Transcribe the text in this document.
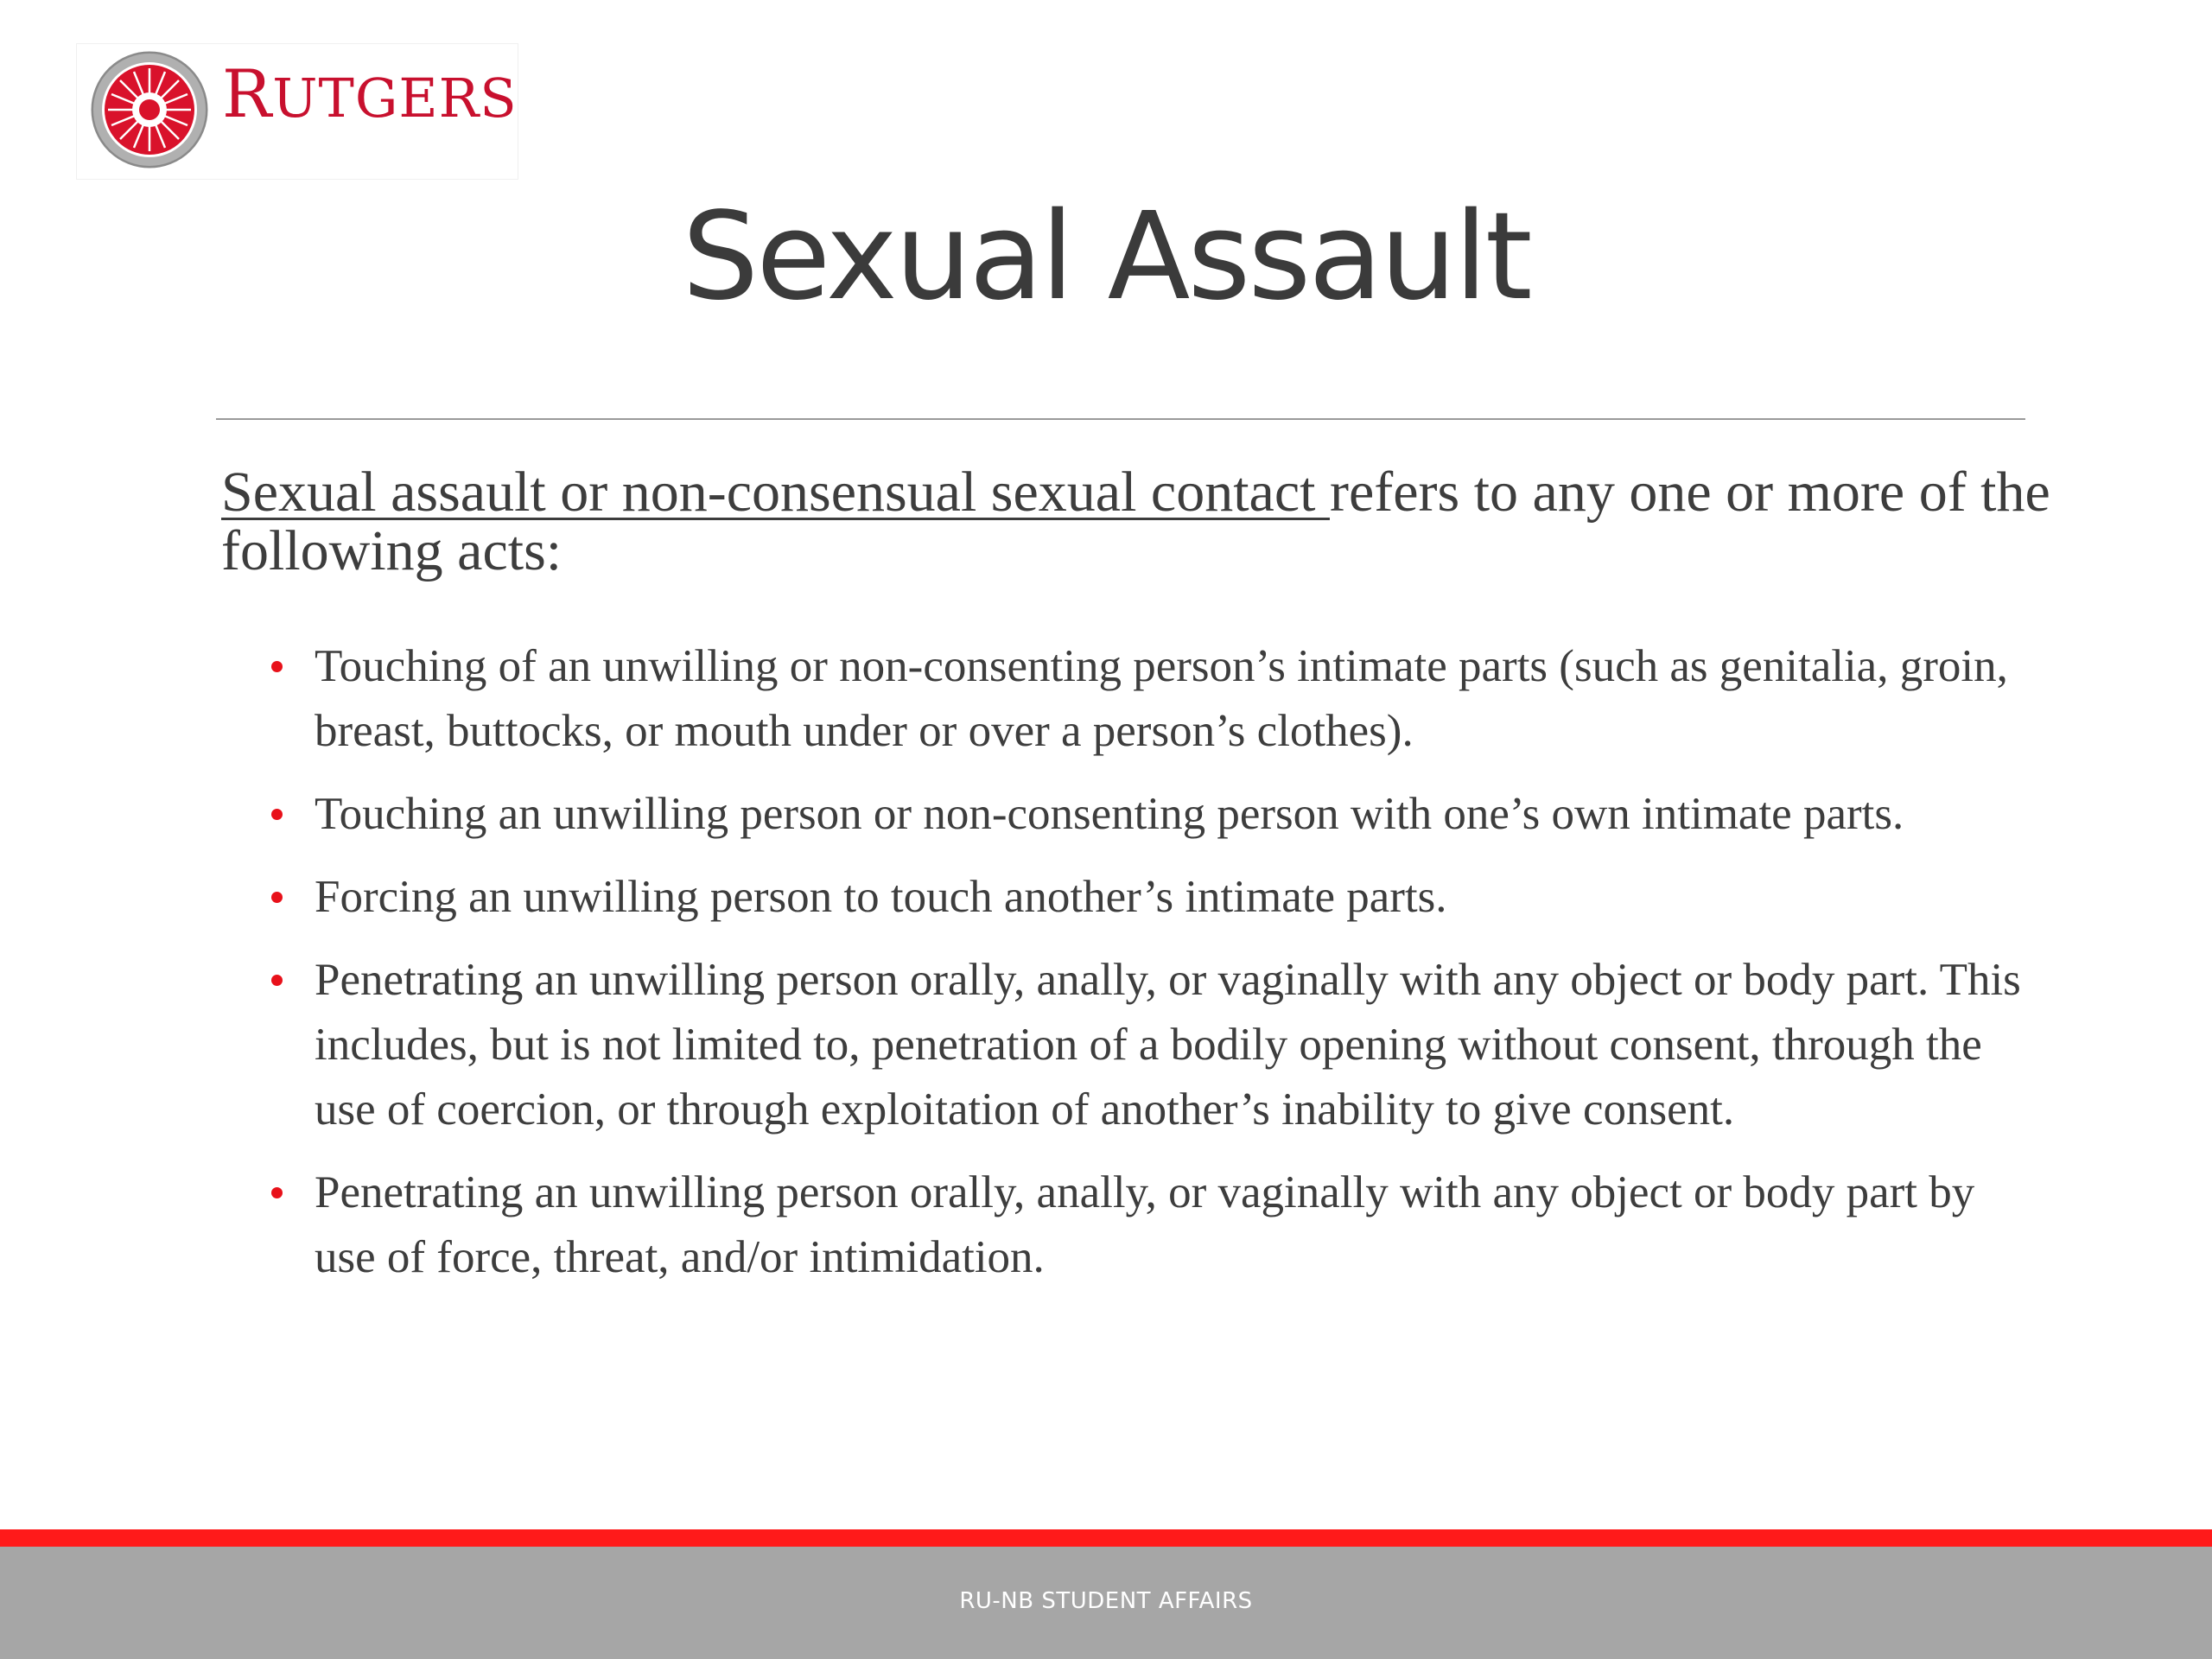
RUTGERS
Sexual Assault
Sexual assault or non-consensual sexual contact refers to any one or more of the following acts:
Touching of an unwilling or non-consenting person’s intimate parts (such as genitalia, groin, breast, buttocks, or mouth under or over a person’s clothes).
Touching an unwilling person or non-consenting person with one’s own intimate parts.
Forcing an unwilling person to touch another’s intimate parts.
Penetrating an unwilling person orally, anally, or vaginally with any object or body part. This includes, but is not limited to, penetration of a bodily opening without consent, through the use of coercion, or through exploitation of another’s inability to give consent.
Penetrating an unwilling person orally, anally, or vaginally with any object or body part by use of force, threat, and/or intimidation.
RU-NB STUDENT AFFAIRS
